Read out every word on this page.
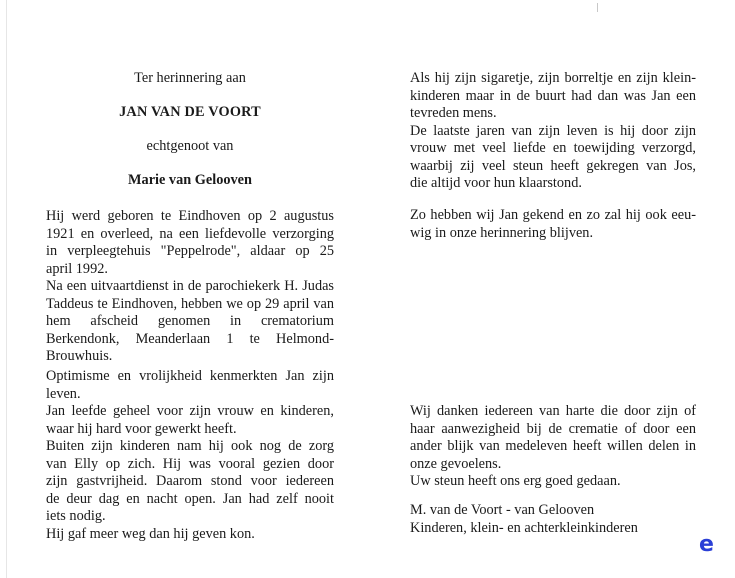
Ter herinnering aan
JAN VAN DE VOORT
echtgenoot van
Marie van Gelooven
Hij werd geboren te Eindhoven op 2 augustus
1921 en overleed, na een liefdevolle verzorging
in verpleegtehuis "Peppelrode", aldaar op 25
april 1992.
Na een uitvaartdienst in de parochiekerk H. Judas
Taddeus te Eindhoven, hebben we op 29 april van
hem afscheid genomen in crematorium
Berkendonk, Meanderlaan 1 te Helmond-
Brouwhuis.
Optimisme en vrolijkheid kenmerkten Jan zijn
leven.
Jan leefde geheel voor zijn vrouw en kinderen,
waar hij hard voor gewerkt heeft.
Buiten zijn kinderen nam hij ook nog de zorg
van Elly op zich. Hij was vooral gezien door
zijn gastvrijheid. Daarom stond voor iedereen
de deur dag en nacht open. Jan had zelf nooit
iets nodig.
Hij gaf meer weg dan hij geven kon.
Als hij zijn sigaretje, zijn borreltje en zijn klein-
kinderen maar in de buurt had dan was Jan een
tevreden mens.
De laatste jaren van zijn leven is hij door zijn
vrouw met veel liefde en toewijding verzorgd,
waarbij zij veel steun heeft gekregen van Jos,
die altijd voor hun klaarstond.
Zo hebben wij Jan gekend en zo zal hij ook eeu-
wig in onze herinnering blijven.
Wij danken iedereen van harte die door zijn of
haar aanwezigheid bij de crematie of door een
ander blijk van medeleven heeft willen delen in
onze gevoelens.
Uw steun heeft ons erg goed gedaan.
M. van de Voort - van Gelooven
Kinderen, klein- en achterkleinkinderen
e
